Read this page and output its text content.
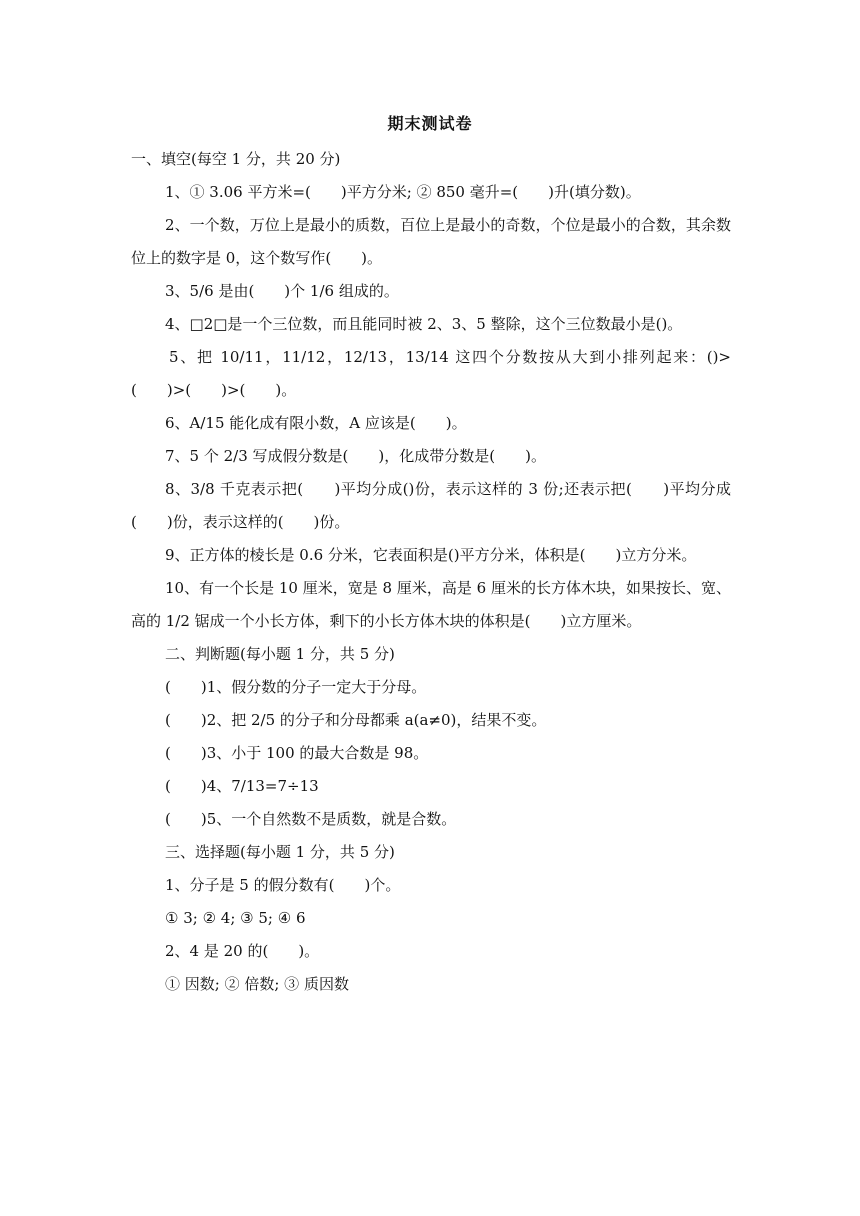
期末测试卷

一、填空(每空 1 分，共 20 分)

1、① 3.06 平方米=(　　)平方分米; ② 850 毫升=(　　)升(填分数)。

2、一个数，万位上是最小的质数，百位上是最小的奇数，个位是最小的合数，其余数位上的数字是 0，这个数写作(　　)。

3、5/6 是由(　　)个 1/6 组成的。

4、□2□是一个三位数，而且能同时被 2、3、5 整除，这个三位数最小是()。

5、把 10/11，11/12，12/13，13/14 这四个分数按从大到小排列起来：()>(　　)>(　　)>(　　)。

6、A/15 能化成有限小数，A 应该是(　　)。

7、5 个 2/3 写成假分数是(　　)，化成带分数是(　　)。

8、3/8 千克表示把(　　)平均分成()份，表示这样的 3 份;还表示把(　　)平均分成(　　)份，表示这样的(　　)份。

9、正方体的棱长是 0.6 分米，它表面积是()平方分米，体积是(　　)立方分米。

10、有一个长是 10 厘米，宽是 8 厘米，高是 6 厘米的长方体木块，如果按长、宽、高的 1/2 锯成一个小长方体，剩下的小长方体木块的体积是(　　)立方厘米。

二、判断题(每小题 1 分，共 5 分)

(　　)1、假分数的分子一定大于分母。

(　　)2、把 2/5 的分子和分母都乘 a(a≠0)，结果不变。

(　　)3、小于 100 的最大合数是 98。

(　　)4、7/13=7÷13

(　　)5、一个自然数不是质数，就是合数。

三、选择题(每小题 1 分，共 5 分)

1、分子是 5 的假分数有(　　)个。

① 3; ② 4; ③ 5; ④ 6

2、4 是 20 的(　　)。

① 因数; ② 倍数; ③ 质因数
